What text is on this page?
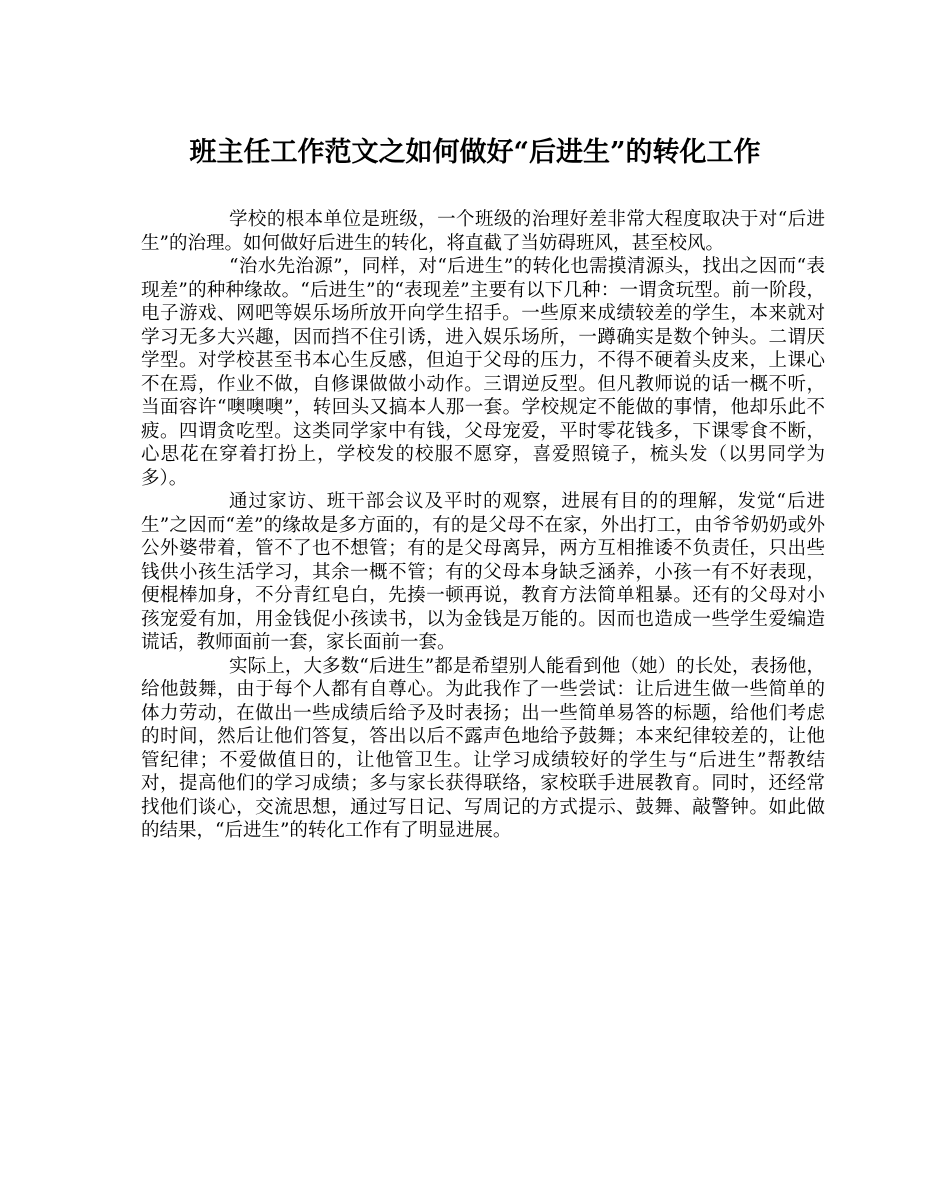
班主任工作范文之如何做好“后进生”的转化工作

学校的根本单位是班级，一个班级的治理好差非常大程度取决于对“后进生”的治理。如何做好后进生的转化，将直截了当妨碍班风，甚至校风。

“治水先治源”，同样，对“后进生”的转化也需摸清源头，找出之因而“表现差”的种种缘故。“后进生”的“表现差”主要有以下几种：一谓贪玩型。前一阶段，电子游戏、网吧等娱乐场所放开向学生招手。一些原来成绩较差的学生，本来就对学习无多大兴趣，因而挡不住引诱，进入娱乐场所，一蹲确实是数个钟头。二谓厌学型。对学校甚至书本心生反感，但迫于父母的压力，不得不硬着头皮来，上课心不在焉，作业不做，自修课做做小动作。三谓逆反型。但凡教师说的话一概不听，当面容许“噢噢噢”，转回头又搞本人那一套。学校规定不能做的事情，他却乐此不疲。四谓贪吃型。这类同学家中有钱，父母宠爱，平时零花钱多，下课零食不断，心思花在穿着打扮上，学校发的校服不愿穿，喜爱照镜子，梳头发（以男同学为多）。

通过家访、班干部会议及平时的观察，进展有目的的理解，发觉“后进生”之因而“差”的缘故是多方面的，有的是父母不在家，外出打工，由爷爷奶奶或外公外婆带着，管不了也不想管；有的是父母离异，两方互相推诿不负责任，只出些钱供小孩生活学习，其余一概不管；有的父母本身缺乏涵养，小孩一有不好表现，便棍棒加身，不分青红皂白，先揍一顿再说，教育方法简单粗暴。还有的父母对小孩宠爱有加，用金钱促小孩读书，以为金钱是万能的。因而也造成一些学生爱编造谎话，教师面前一套，家长面前一套。

实际上，大多数“后进生”都是希望别人能看到他（她）的长处，表扬他，给他鼓舞，由于每个人都有自尊心。为此我作了一些尝试：让后进生做一些简单的体力劳动，在做出一些成绩后给予及时表扬；出一些简单易答的标题，给他们考虑的时间，然后让他们答复，答出以后不露声色地给予鼓舞；本来纪律较差的，让他管纪律；不爱做值日的，让他管卫生。让学习成绩较好的学生与“后进生”帮教结对，提高他们的学习成绩；多与家长获得联络，家校联手进展教育。同时，还经常找他们谈心，交流思想，通过写日记、写周记的方式提示、鼓舞、敲警钟。如此做的结果，“后进生”的转化工作有了明显进展。
